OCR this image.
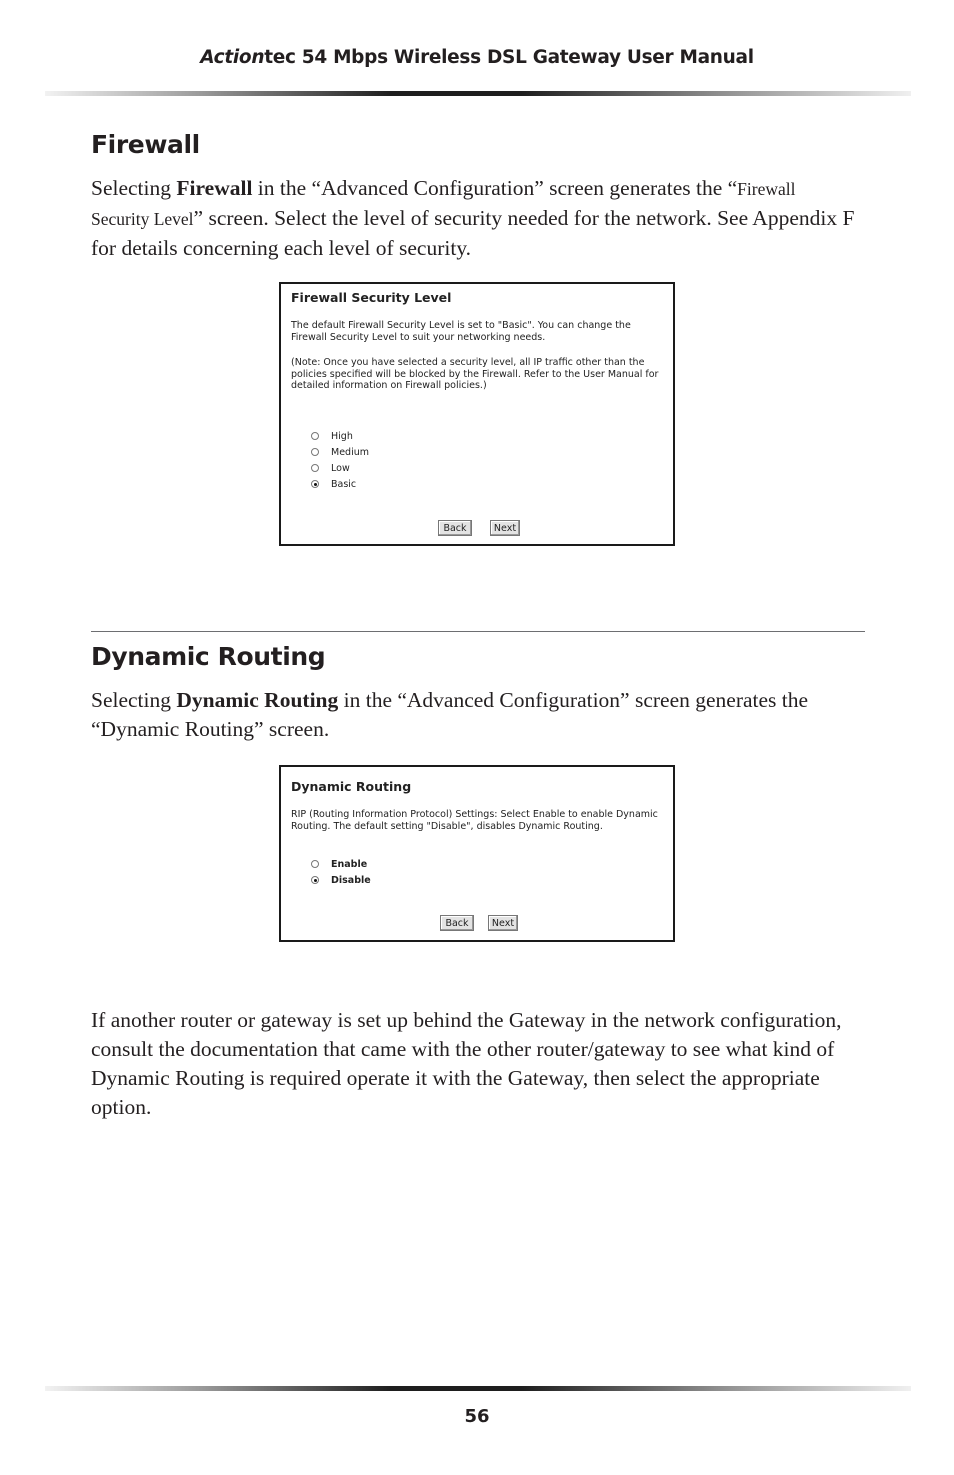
Actiontec 54 Mbps Wireless DSL Gateway User Manual
Firewall

Selecting Firewall in the “Advanced Configuration” screen generates the “Firewall
Security Level” screen. Select the level of security needed for the network. See Appendix F for details concerning each level of security.

Firewall Security Level

The default Firewall Security Level is set to "Basic". You can change the Firewall Security Level to suit your networking needs.

(Note: Once you have selected a security level, all IP traffic other than the policies specified will be blocked by the Firewall. Refer to the User Manual for detailed information on Firewall policies.)

High
Medium
Low
Basic
Back	Next
Dynamic Routing

Selecting Dynamic Routing in the “Advanced Configuration” screen generates the “Dynamic Routing” screen.

Dynamic Routing

RIP (Routing Information Protocol) Settings: Select Enable to enable Dynamic Routing. The default setting "Disable", disables Dynamic Routing.

Enable
Disable
Back	Next

If another router or gateway is set up behind the Gateway in the network configuration, consult the documentation that came with the other router/gateway to see what kind of Dynamic Routing is required operate it with the Gateway, then select the appropriate option.

56
